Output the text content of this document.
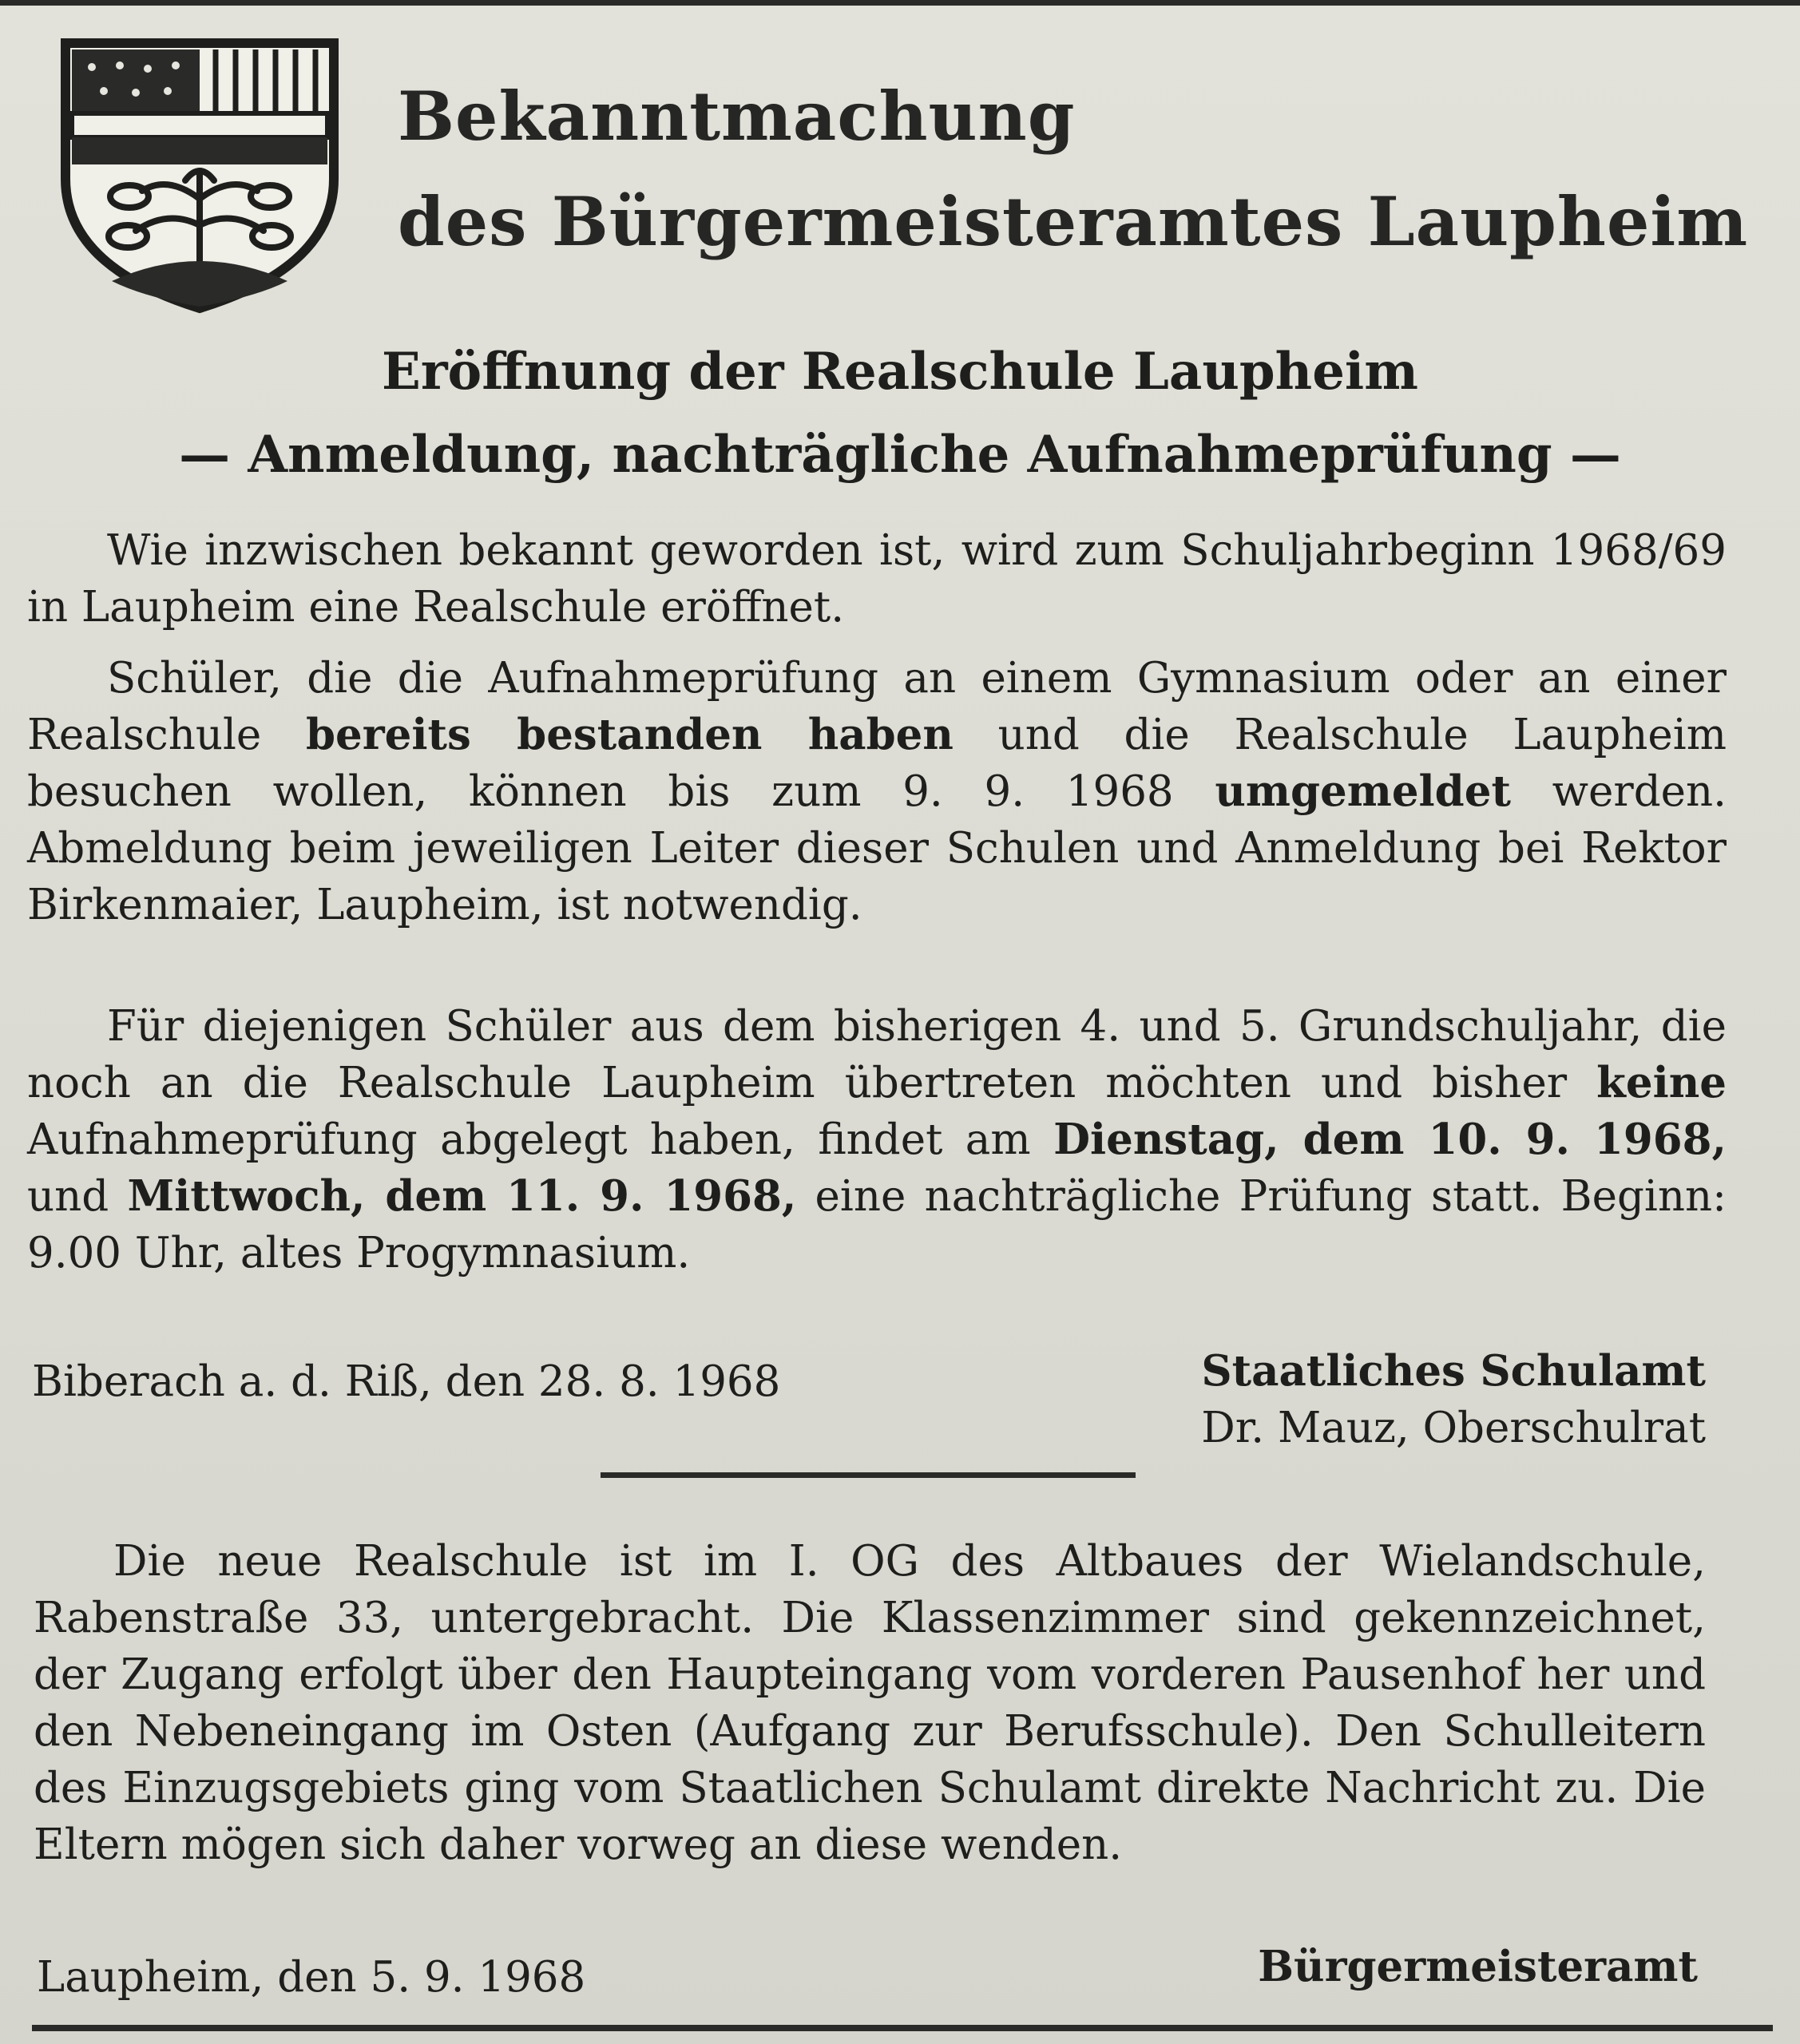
Bekanntmachung
des Bürgermeisteramtes Laupheim
Eröffnung der Realschule Laupheim
— Anmeldung, nachträgliche Aufnahmeprüfung —

Wie inzwischen bekannt geworden ist, wird zum Schuljahrbeginn 1968/69 in Laupheim eine Realschule eröffnet.

Schüler, die die Aufnahmeprüfung an einem Gymnasium oder an einer Realschule bereits bestanden haben und die Realschule Laupheim besuchen wollen, können bis zum 9. 9. 1968 umgemeldet werden. Abmeldung beim jeweiligen Leiter dieser Schulen und Anmeldung bei Rektor Birkenmaier, Laupheim, ist notwendig.

Für diejenigen Schüler aus dem bisherigen 4. und 5. Grundschuljahr, die noch an die Realschule Laupheim übertreten möchten und bisher keine Aufnahmeprüfung abgelegt haben, findet am Dienstag, dem 10. 9. 1968, und Mittwoch, dem 11. 9. 1968, eine nachträgliche Prüfung statt. Beginn: 9.00 Uhr, altes Progymnasium.

Biberach a. d. Riß, den 28. 8. 1968	Staatliches Schulamt
Dr. Mauz, Oberschulrat

Die neue Realschule ist im I. OG des Altbaues der Wielandschule, Rabenstraße 33, untergebracht. Die Klassenzimmer sind gekennzeichnet, der Zugang erfolgt über den Haupteingang vom vorderen Pausenhof her und den Nebeneingang im Osten (Aufgang zur Berufsschule). Den Schulleitern des Einzugsgebiets ging vom Staatlichen Schulamt direkte Nachricht zu. Die Eltern mögen sich daher vorweg an diese wenden.

Laupheim, den 5. 9. 1968	Bürgermeisteramt
